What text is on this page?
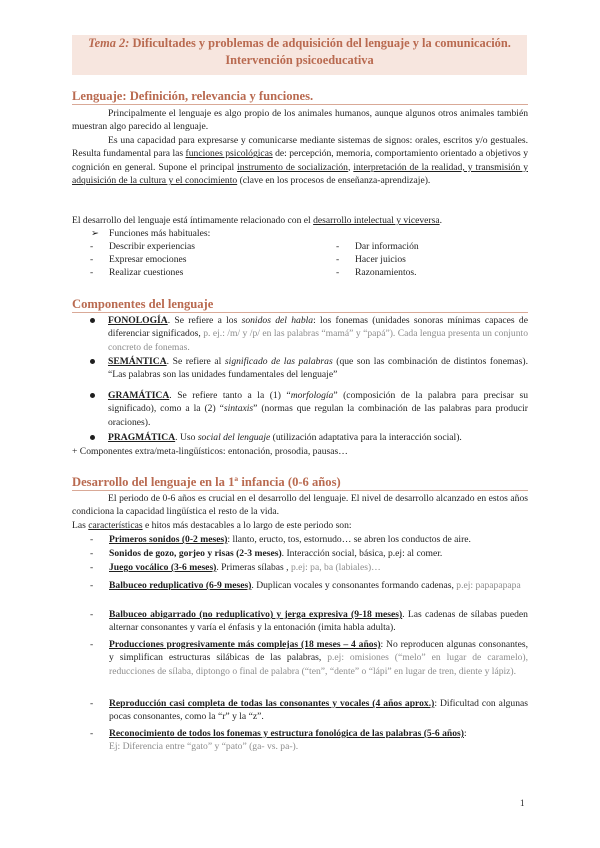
Tema 2: Dificultades y problemas de adquisición del lenguaje y la comunicación.
Intervención psicoeducativa
Lenguaje: Definición, relevancia y funciones.
Principalmente el lenguaje es algo propio de los animales humanos, aunque algunos otros animales también muestran algo parecido al lenguaje.
Es una capacidad para expresarse y comunicarse mediante sistemas de signos: orales, escritos y/o gestuales. Resulta fundamental para las funciones psicológicas de: percepción, memoria, comportamiento orientado a objetivos y cognición en general. Supone el principal instrumento de socialización, interpretación de la realidad, y transmisión y adquisición de la cultura y el conocimiento (clave en los procesos de enseñanza-aprendizaje).
El desarrollo del lenguaje está íntimamente relacionado con el desarrollo intelectual y viceversa.
➢ Funciones más habituales:
- Describir experiencias	- Dar información
- Expresar emociones	- Hacer juicios
- Realizar cuestiones	- Razonamientos.
Componentes del lenguaje
FONOLOGÍA. Se refiere a los sonidos del habla: los fonemas (unidades sonoras mínimas capaces de diferenciar significados, p. ej.: /m/ y /p/ en las palabras “mamá” y “papá”). Cada lengua presenta un conjunto concreto de fonemas.
SEMÁNTICA. Se refiere al significado de las palabras (que son las combinación de distintos fonemas). “Las palabras son las unidades fundamentales del lenguaje”
GRAMÁTICA. Se refiere tanto a la (1) “morfología” (composición de la palabra para precisar su significado), como a la (2) “sintaxis” (normas que regulan la combinación de las palabras para producir oraciones).
PRAGMÁTICA. Uso social del lenguaje (utilización adaptativa para la interacción social).
+ Componentes extra/meta-lingüísticos: entonación, prosodia, pausas…
Desarrollo del lenguaje en la 1ª infancia (0-6 años)
El periodo de 0-6 años es crucial en el desarrollo del lenguaje. El nivel de desarrollo alcanzado en estos años condiciona la capacidad lingüística el resto de la vida.
Las características e hitos más destacables a lo largo de este periodo son:
- Primeros sonidos (0-2 meses): llanto, eructo, tos, estornudo… se abren los conductos de aire.
- Sonidos de gozo, gorjeo y risas (2-3 meses). Interacción social, básica, p.ej: al comer.
- Juego vocálico (3-6 meses). Primeras sílabas , p.ej: pa, ba (labiales)…
- Balbuceo reduplicativo (6-9 meses). Duplican vocales y consonantes formando cadenas, p.ej: papapapapa
- Balbuceo abigarrado (no reduplicativo) y jerga expresiva (9-18 meses). Las cadenas de sílabas pueden alternar consonantes y varía el énfasis y la entonación (imita habla adulta).
- Producciones progresivamente más complejas (18 meses – 4 años): No reproducen algunas consonantes, y simplifican estructuras silábicas de las palabras, p.ej: omisiones (“melo” en lugar de caramelo), reducciones de sílaba, diptongo o final de palabra (“ten”, “dente” o “lápi” en lugar de tren, diente y lápiz).
- Reproducción casi completa de todas las consonantes y vocales (4 años aprox.): Dificultad con algunas pocas consonantes, como la “r” y la “z”.
- Reconocimiento de todos los fonemas y estructura fonológica de las palabras (5-6 años):
Ej: Diferencia entre “gato” y “pato” (ga- vs. pa-).
1
